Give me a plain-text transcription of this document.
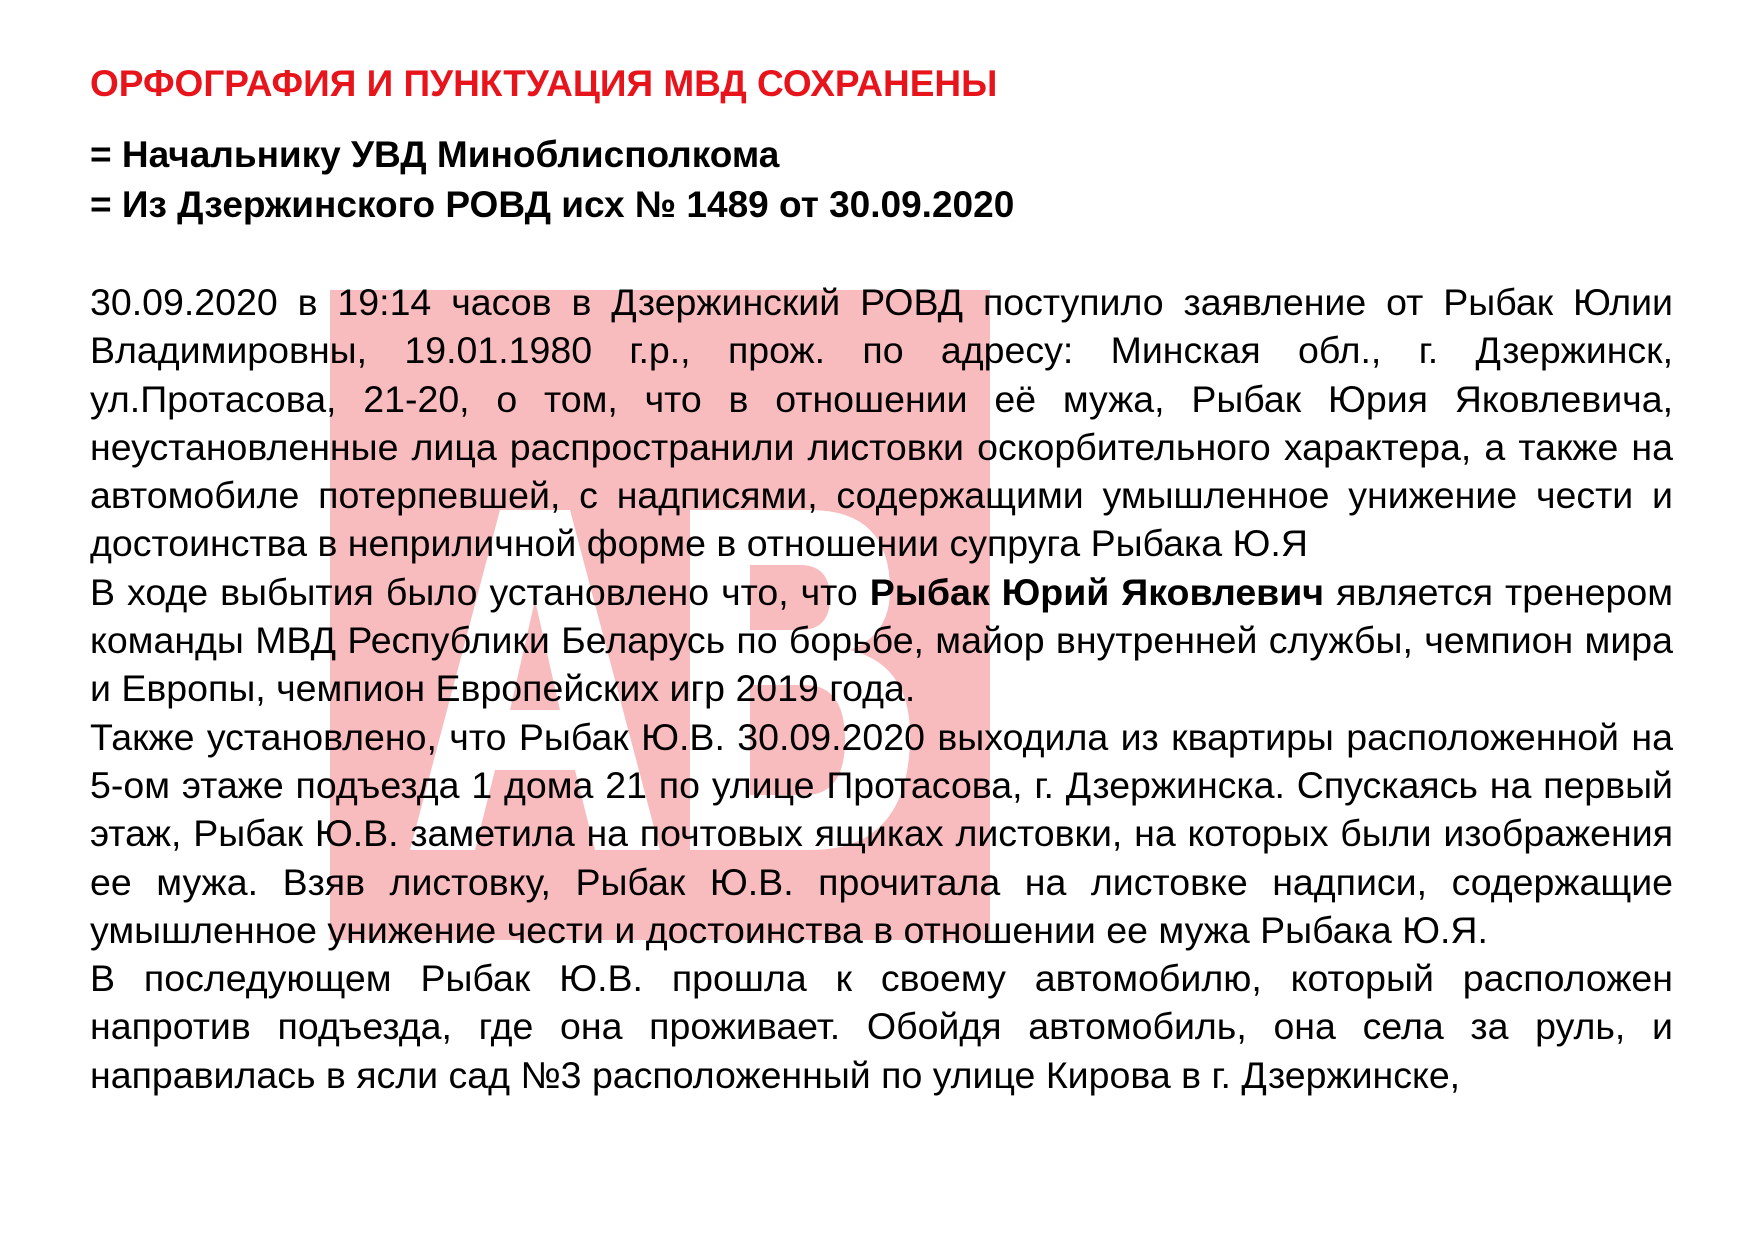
ОРФОГРАФИЯ И ПУНКТУАЦИЯ МВД СОХРАНЕНЫ

= Начальнику УВД Миноблисполкома

= Из Дзержинского РОВД исх № 1489 от 30.09.2020

30.09.2020 в 19:14 часов в Дзержинский РОВД поступило заявление от Рыбак Юлии Владимировны, 19.01.1980 г.р., прож. по адресу: Минская обл., г. Дзержинск, ул.Протасова, 21-20, о том, что в отношении её мужа, Рыбак Юрия Яковлевича, неустановленные лица распространили листовки оскорбительного характера, а также на автомобиле потерпевшей, с надписями, содержащими умышленное унижение чести и достоинства в неприличной форме в отношении супруга Рыбака Ю.Я

В ходе выбытия было установлено что, что Рыбак Юрий Яковлевич является тренером команды МВД Республики Беларусь по борьбе, майор внутренней службы, чемпион мира и Европы, чемпион Европейских игр 2019 года.

Также установлено, что Рыбак Ю.В. 30.09.2020 выходила из квартиры расположенной на 5-ом этаже подъезда 1 дома 21 по улице Протасова, г. Дзержинска. Спускаясь на первый этаж, Рыбак Ю.В. заметила на почтовых ящиках листовки, на которых были изображения ее мужа. Взяв листовку, Рыбак Ю.В. прочитала на листовке надписи, содержащие умышленное унижение чести и достоинства в отношении ее мужа Рыбака Ю.Я.

В последующем Рыбак Ю.В. прошла к своему автомобилю, который расположен напротив подъезда, где она проживает. Обойдя автомобиль, она села за руль, и направилась в ясли сад №3 расположенный по улице Кирова в г. Дзержинске,
